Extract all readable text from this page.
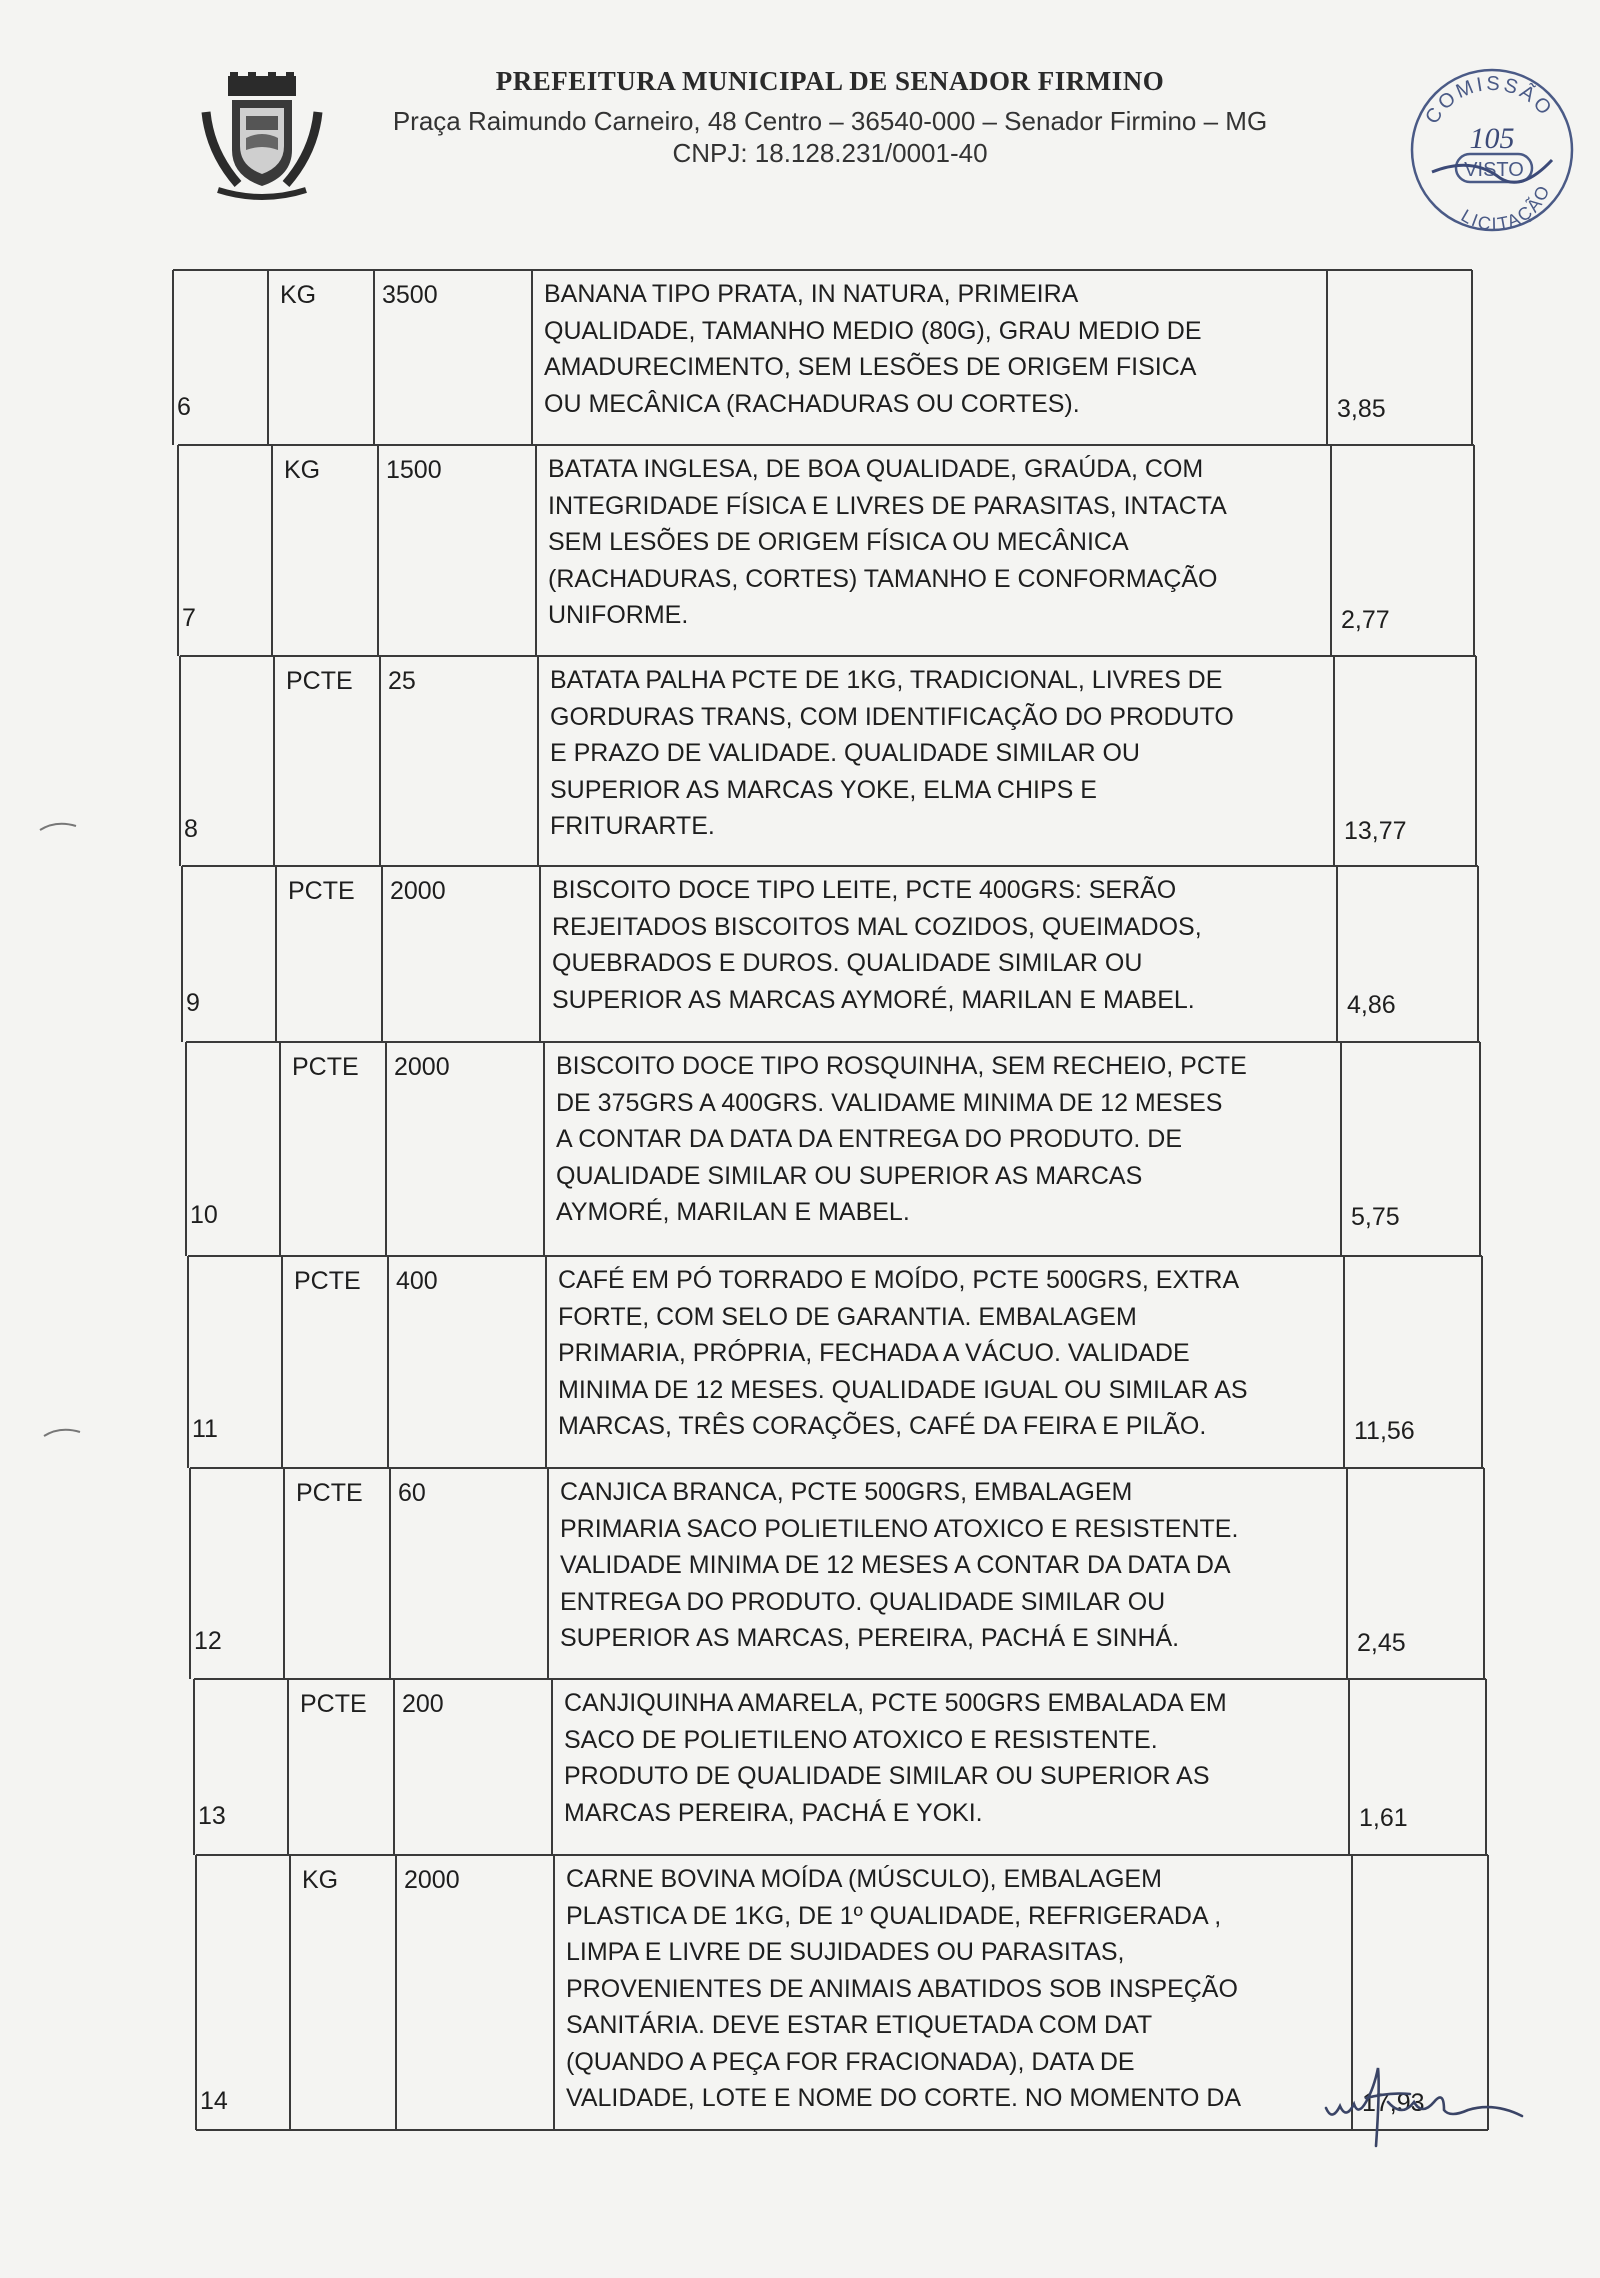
PREFEITURA MUNICIPAL DE SENADOR FIRMINO
Praça Raimundo Carneiro, 48 Centro – 36540-000 – Senador Firmino – MG
CNPJ: 18.128.231/0001-40
COMISSÃO
105
VISTO
LICITAÇÃO
6
KG	3500	BANANA TIPO PRATA, IN NATURA, PRIMEIRA
QUALIDADE, TAMANHO MEDIO (80G), GRAU MEDIO DE
AMADURECIMENTO, SEM LESÕES DE ORIGEM FISICA
OU MECÂNICA (RACHADURAS OU CORTES).	3,85
7
KG	1500	BATATA INGLESA, DE BOA QUALIDADE, GRAÚDA, COM
INTEGRIDADE FÍSICA E LIVRES DE PARASITAS, INTACTA
SEM LESÕES DE ORIGEM FÍSICA OU MECÂNICA
(RACHADURAS, CORTES) TAMANHO E CONFORMAÇÃO
UNIFORME.	2,77
8
PCTE	25	BATATA PALHA PCTE DE 1KG, TRADICIONAL, LIVRES DE
GORDURAS TRANS, COM IDENTIFICAÇÃO DO PRODUTO
E PRAZO DE VALIDADE. QUALIDADE SIMILAR OU
SUPERIOR AS MARCAS YOKE, ELMA CHIPS E
FRITURARTE.	13,77
9
PCTE	2000	BISCOITO DOCE TIPO LEITE, PCTE 400GRS: SERÃO
REJEITADOS BISCOITOS MAL COZIDOS, QUEIMADOS,
QUEBRADOS E DUROS. QUALIDADE SIMILAR OU
SUPERIOR AS MARCAS AYMORÉ, MARILAN E MABEL.	4,86
10
PCTE	2000	BISCOITO DOCE TIPO ROSQUINHA, SEM RECHEIO, PCTE
DE 375GRS A 400GRS. VALIDAME MINIMA DE 12 MESES
A CONTAR DA DATA DA ENTREGA DO PRODUTO. DE
QUALIDADE SIMILAR OU SUPERIOR AS MARCAS
AYMORÉ, MARILAN E MABEL.	5,75
11
PCTE	400	CAFÉ EM PÓ TORRADO E MOÍDO, PCTE 500GRS, EXTRA
FORTE, COM SELO DE GARANTIA. EMBALAGEM
PRIMARIA, PRÓPRIA, FECHADA A VÁCUO. VALIDADE
MINIMA DE 12 MESES. QUALIDADE IGUAL OU SIMILAR AS
MARCAS, TRÊS CORAÇÕES, CAFÉ DA FEIRA E PILÃO.	11,56
12
PCTE	60	CANJICA BRANCA, PCTE 500GRS, EMBALAGEM
PRIMARIA SACO POLIETILENO ATOXICO E RESISTENTE.
VALIDADE MINIMA DE 12 MESES A CONTAR DA DATA DA
ENTREGA DO PRODUTO. QUALIDADE SIMILAR OU
SUPERIOR AS MARCAS, PEREIRA, PACHÁ E SINHÁ.	2,45
13
PCTE	200	CANJIQUINHA AMARELA, PCTE 500GRS EMBALADA EM
SACO DE POLIETILENO ATOXICO E RESISTENTE.
PRODUTO DE QUALIDADE SIMILAR OU SUPERIOR AS
MARCAS PEREIRA, PACHÁ E YOKI.	1,61
14
KG	2000	CARNE BOVINA MOÍDA (MÚSCULO), EMBALAGEM
PLASTICA DE 1KG, DE 1º QUALIDADE, REFRIGERADA ,
LIMPA E LIVRE DE SUJIDADES OU PARASITAS,
PROVENIENTES DE ANIMAIS ABATIDOS SOB INSPEÇÃO
SANITÁRIA. DEVE ESTAR ETIQUETADA COM DAT
(QUANDO A PEÇA FOR FRACIONADA), DATA DE
VALIDADE, LOTE E NOME DO CORTE. NO MOMENTO DA	17,93
